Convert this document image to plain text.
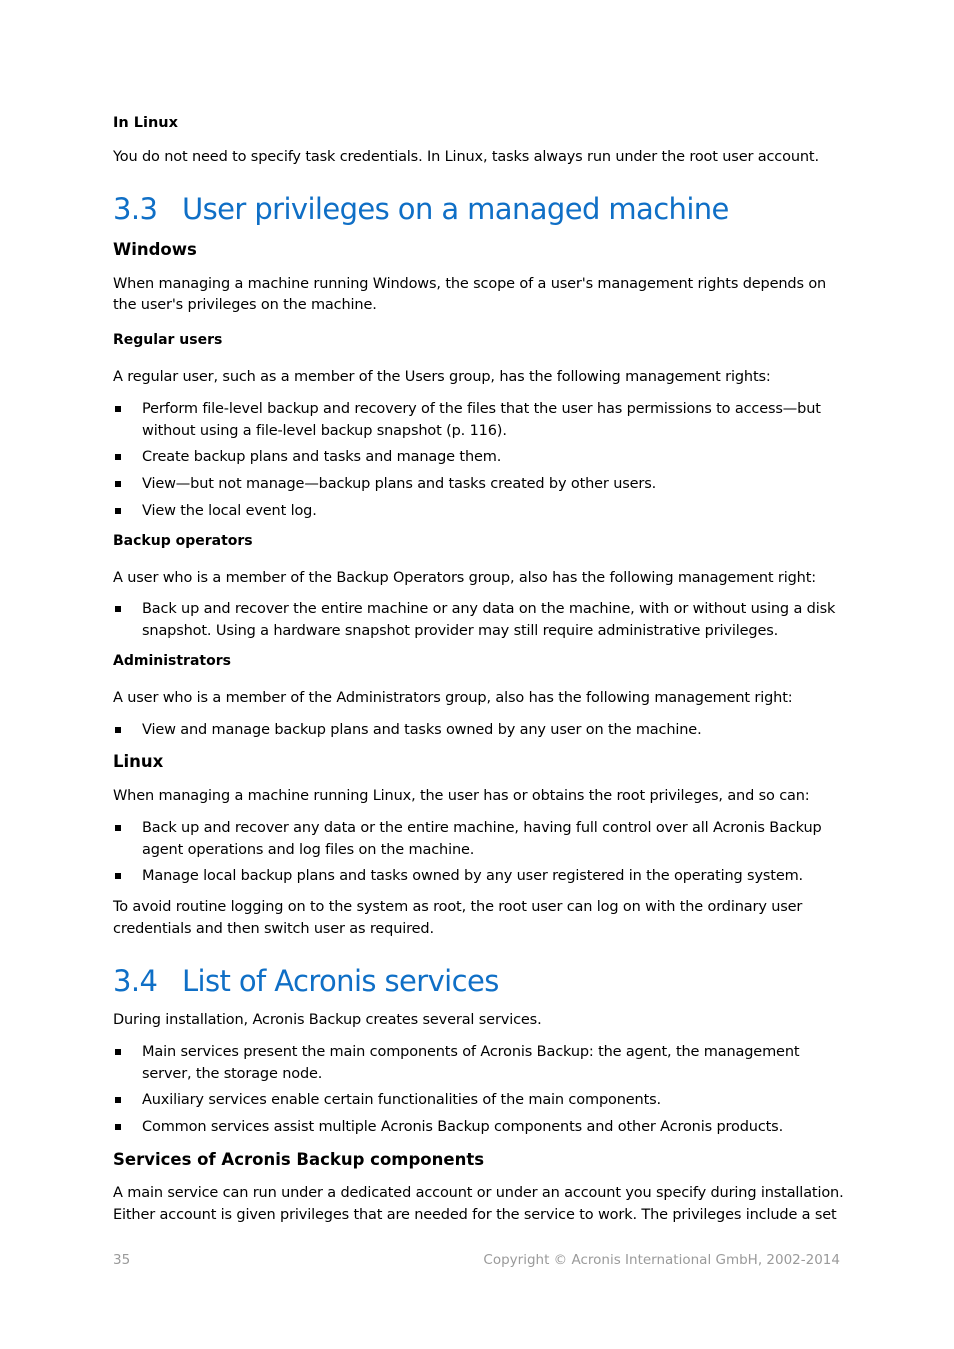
In Linux
You do not need to specify task credentials. In Linux, tasks always run under the root user account.
3.3 User privileges on a managed machine
Windows
When managing a machine running Windows, the scope of a user's management rights depends on
the user's privileges on the machine.
Regular users
A regular user, such as a member of the Users group, has the following management rights:
Perform file-level backup and recovery of the files that the user has permissions to access—but
without using a file-level backup snapshot (p. 116).
Create backup plans and tasks and manage them.
View—but not manage—backup plans and tasks created by other users.
View the local event log.
Backup operators
A user who is a member of the Backup Operators group, also has the following management right:
Back up and recover the entire machine or any data on the machine, with or without using a disk
snapshot. Using a hardware snapshot provider may still require administrative privileges.
Administrators
A user who is a member of the Administrators group, also has the following management right:
View and manage backup plans and tasks owned by any user on the machine.
Linux
When managing a machine running Linux, the user has or obtains the root privileges, and so can:
Back up and recover any data or the entire machine, having full control over all Acronis Backup
agent operations and log files on the machine.
Manage local backup plans and tasks owned by any user registered in the operating system.
To avoid routine logging on to the system as root, the root user can log on with the ordinary user
credentials and then switch user as required.
3.4 List of Acronis services
During installation, Acronis Backup creates several services.
Main services present the main components of Acronis Backup: the agent, the management
server, the storage node.
Auxiliary services enable certain functionalities of the main components.
Common services assist multiple Acronis Backup components and other Acronis products.
Services of Acronis Backup components
A main service can run under a dedicated account or under an account you specify during installation.
Either account is given privileges that are needed for the service to work. The privileges include a set
35	Copyright © Acronis International GmbH, 2002-2014
